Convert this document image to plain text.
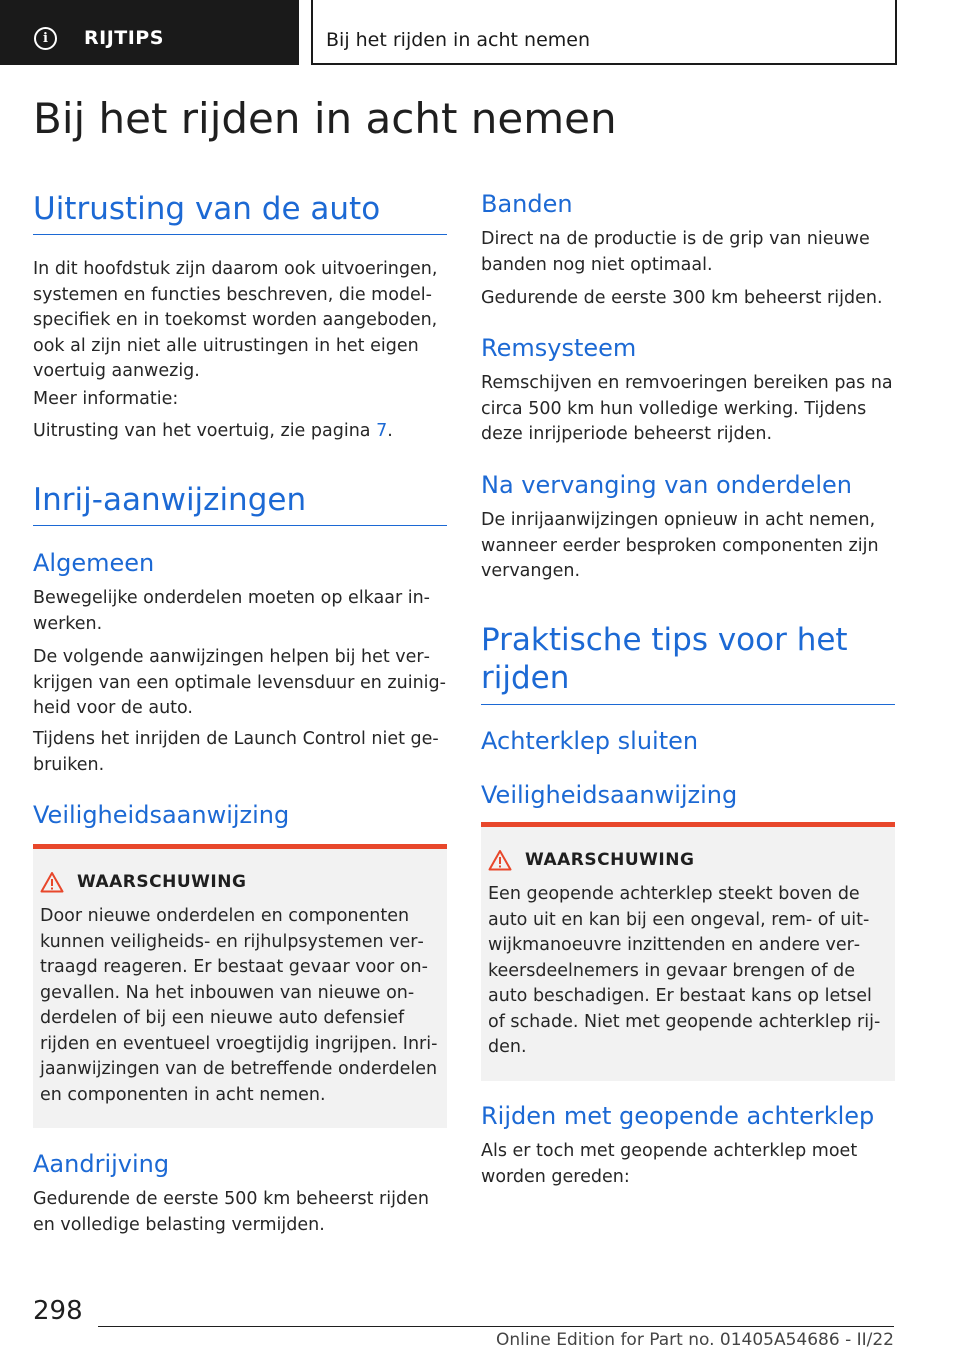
i	RIJTIPS	Bij het rijden in acht nemen
Bij het rijden in acht nemen
Uitrusting van de auto

In dit hoofdstuk zijn daarom ook uitvoeringen, systemen en functies beschreven, die modelspecifiek en in toekomst worden aangeboden, ook al zijn niet alle uitrustingen in het eigen voertuig aanwezig.

Meer informatie:

Uitrusting van het voertuig, zie pagina 7.

Inrij-aanwijzingen
Algemeen

Bewegelijke onderdelen moeten op elkaar inwerken.

De volgende aanwijzingen helpen bij het verkrijgen van een optimale levensduur en zuinigheid voor de auto.

Tijdens het inrijden de Launch Control niet gebruiken.

Veiligheidsaanwijzing
WAARSCHUWING

Door nieuwe onderdelen en componenten kunnen veiligheids- en rijhulpsystemen vertraagd reageren. Er bestaat gevaar voor ongevallen. Na het inbouwen van nieuwe onderdelen of bij een nieuwe auto defensief rijden en eventueel vroegtijdig ingrijpen. Inrijaanwijzingen van de betreffende onderdelen en componenten in acht nemen.

Aandrijving

Gedurende de eerste 500 km beheerst rijden en volledige belasting vermijden.

Banden

Direct na de productie is de grip van nieuwe banden nog niet optimaal.

Gedurende de eerste 300 km beheerst rijden.

Remsysteem

Remschijven en remvoeringen bereiken pas na circa 500 km hun volledige werking. Tijdens deze inrijperiode beheerst rijden.

Na vervanging van onderdelen

De inrijaanwijzingen opnieuw in acht nemen, wanneer eerder besproken componenten zijn vervangen.

Praktische tips voor het rijden
Achterklep sluiten
Veiligheidsaanwijzing
WAARSCHUWING

Een geopende achterklep steekt boven de auto uit en kan bij een ongeval, rem- of uitwijkmanoeuvre inzittenden en andere verkeersdeelnemers in gevaar brengen of de auto beschadigen. Er bestaat kans op letsel of schade. Niet met geopende achterklep rijden.

Rijden met geopende achterklep

Als er toch met geopende achterklep moet worden gereden:

298
Online Edition for Part no. 01405A54686 - II/22
